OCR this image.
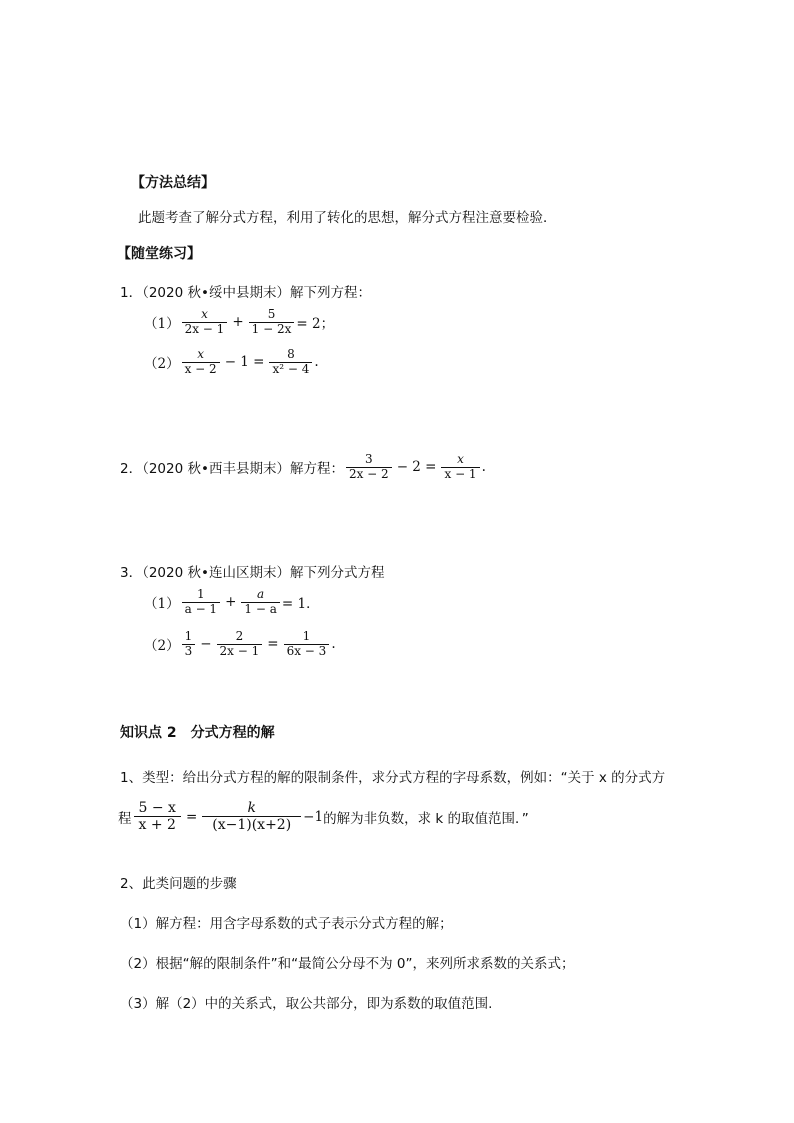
【方法总结】
此题考查了解分式方程，利用了转化的思想，解分式方程注意要检验．
【随堂练习】
1．（2020 秋•绥中县期末）解下列方程：
$(1) \frac{x}{2x - 1} + \frac{5}{1 - 2x} = 2$；
$(2) \frac{x}{x - 2} - 1 = \frac{8}{\text{x² − 4}}$ .
2．（2020 秋•西丰县期末）解方程： $\frac{3}{2x - 2} - 2 = \frac{x}{x - 1}$ .
3．（2020 秋•连山区期末）解下列分式方程
$(1) \frac{1}{a - 1} + \frac{a}{1 - a} = 1$．
$(2) \frac{1}{3} - \frac{2}{2x - 1} = \frac{1}{6x - 3}$ .
知识点 2　分式方程的解
1、类型：给出分式方程的解的限制条件，求分式方程的字母系数，例如：“关于 x 的分式方
程 $\frac{5 - x}{x + 2} = \frac{k}{(x-1)(x+2)} -1$ 的解为非负数，求 k 的取值范围．”
2、此类问题的步骤
（1）解方程：用含字母系数的式子表示分式方程的解；
（2）根据“解的限制条件”和“最简公分母不为 0”，来列所求系数的关系式；
（3）解（2）中的关系式，取公共部分，即为系数的取值范围.
